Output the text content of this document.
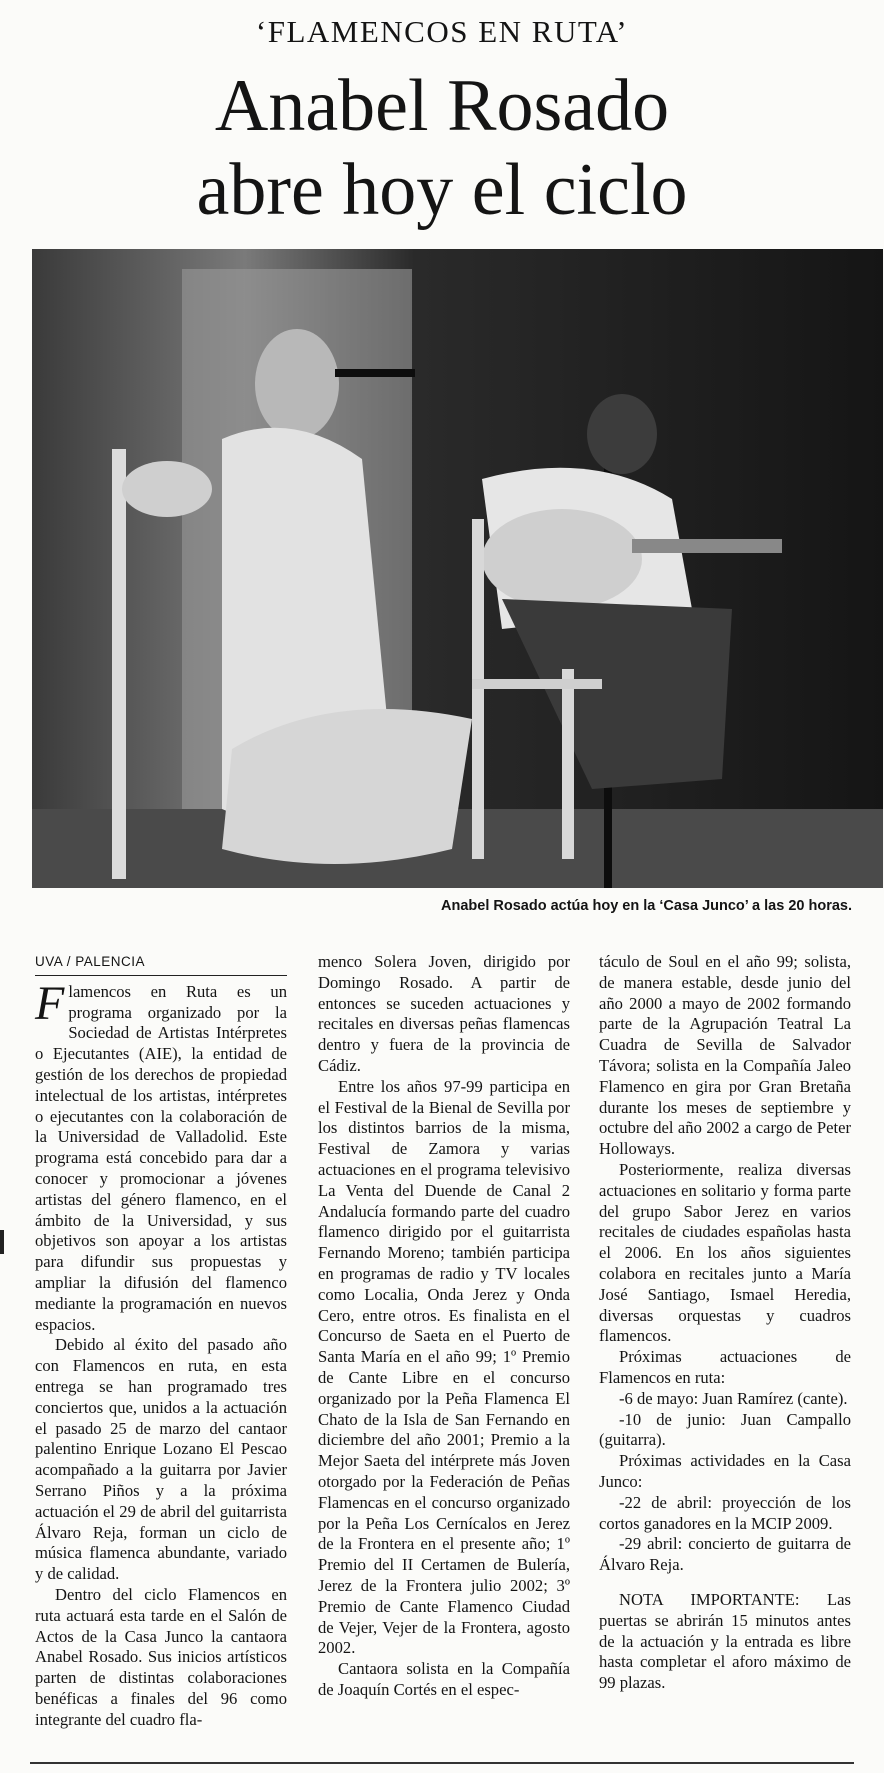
‘FLAMENCOS EN RUTA’
Anabel Rosado
abre hoy el ciclo
Anabel Rosado actúa hoy en la ‘Casa Junco’ a las 20 horas.
UVA / PALENCIA

Flamencos en Ruta es un programa organizado por la Sociedad de Artistas Intérpretes o Ejecutantes (AIE), la entidad de gestión de los derechos de propiedad intelectual de los artistas, intérpretes o ejecutantes con la colaboración de la Universidad de Valladolid. Este programa está concebido para dar a conocer y promocionar a jóvenes artistas del género flamenco, en el ámbito de la Universidad, y sus objetivos son apoyar a los artistas para difundir sus propuestas y ampliar la difusión del flamenco mediante la programación en nuevos espacios.

Debido al éxito del pasado año con Flamencos en ruta, en esta entrega se han programado tres conciertos que, unidos a la actuación el pasado 25 de marzo del cantaor palentino Enrique Lozano El Pescao acompañado a la guitarra por Javier Serrano Piños y a la próxima actuación el 29 de abril del guitarrista Álvaro Reja, forman un ciclo de música flamenca abundante, variado y de calidad.

Dentro del ciclo Flamencos en ruta actuará esta tarde en el Salón de Actos de la Casa Junco la cantaora Anabel Rosado. Sus inicios artísticos parten de distintas colaboraciones benéficas a finales del 96 como integrante del cuadro fla-

menco Solera Joven, dirigido por Domingo Rosado. A partir de entonces se suceden actuaciones y recitales en diversas peñas flamencas dentro y fuera de la provincia de Cádiz.

Entre los años 97-99 participa en el Festival de la Bienal de Sevilla por los distintos barrios de la misma, Festival de Zamora y varias actuaciones en el programa televisivo La Venta del Duende de Canal 2 Andalucía formando parte del cuadro flamenco dirigido por el guitarrista Fernando Moreno; también participa en programas de radio y TV locales como Localia, Onda Jerez y Onda Cero, entre otros. Es finalista en el Concurso de Saeta en el Puerto de Santa María en el año 99; 1º Premio de Cante Libre en el concurso organizado por la Peña Flamenca El Chato de la Isla de San Fernando en diciembre del año 2001; Premio a la Mejor Saeta del intérprete más Joven otorgado por la Federación de Peñas Flamencas en el concurso organizado por la Peña Los Cernícalos en Jerez de la Frontera en el presente año; 1º Premio del II Certamen de Bulería, Jerez de la Frontera julio 2002; 3º Premio de Cante Flamenco Ciudad de Vejer, Vejer de la Frontera, agosto 2002.

Cantaora solista en la Compañía de Joaquín Cortés en el espec-

táculo de Soul en el año 99; solista, de manera estable, desde junio del año 2000 a mayo de 2002 formando parte de la Agrupación Teatral La Cuadra de Sevilla de Salvador Távora; solista en la Compañía Jaleo Flamenco en gira por Gran Bretaña durante los meses de septiembre y octubre del año 2002 a cargo de Peter Holloways.

Posteriormente, realiza diversas actuaciones en solitario y forma parte del grupo Sabor Jerez en varios recitales de ciudades españolas hasta el 2006. En los años siguientes colabora en recitales junto a María José Santiago, Ismael Heredia, diversas orquestas y cuadros flamencos.

Próximas actuaciones de Flamencos en ruta:

-6 de mayo: Juan Ramírez (cante).

-10 de junio: Juan Campallo (guitarra).

Próximas actividades en la Casa Junco:

-22 de abril: proyección de los cortos ganadores en la MCIP 2009.

-29 abril: concierto de guitarra de Álvaro Reja.

NOTA IMPORTANTE: Las puertas se abrirán 15 minutos antes de la actuación y la entrada es libre hasta completar el aforo máximo de 99 plazas.
